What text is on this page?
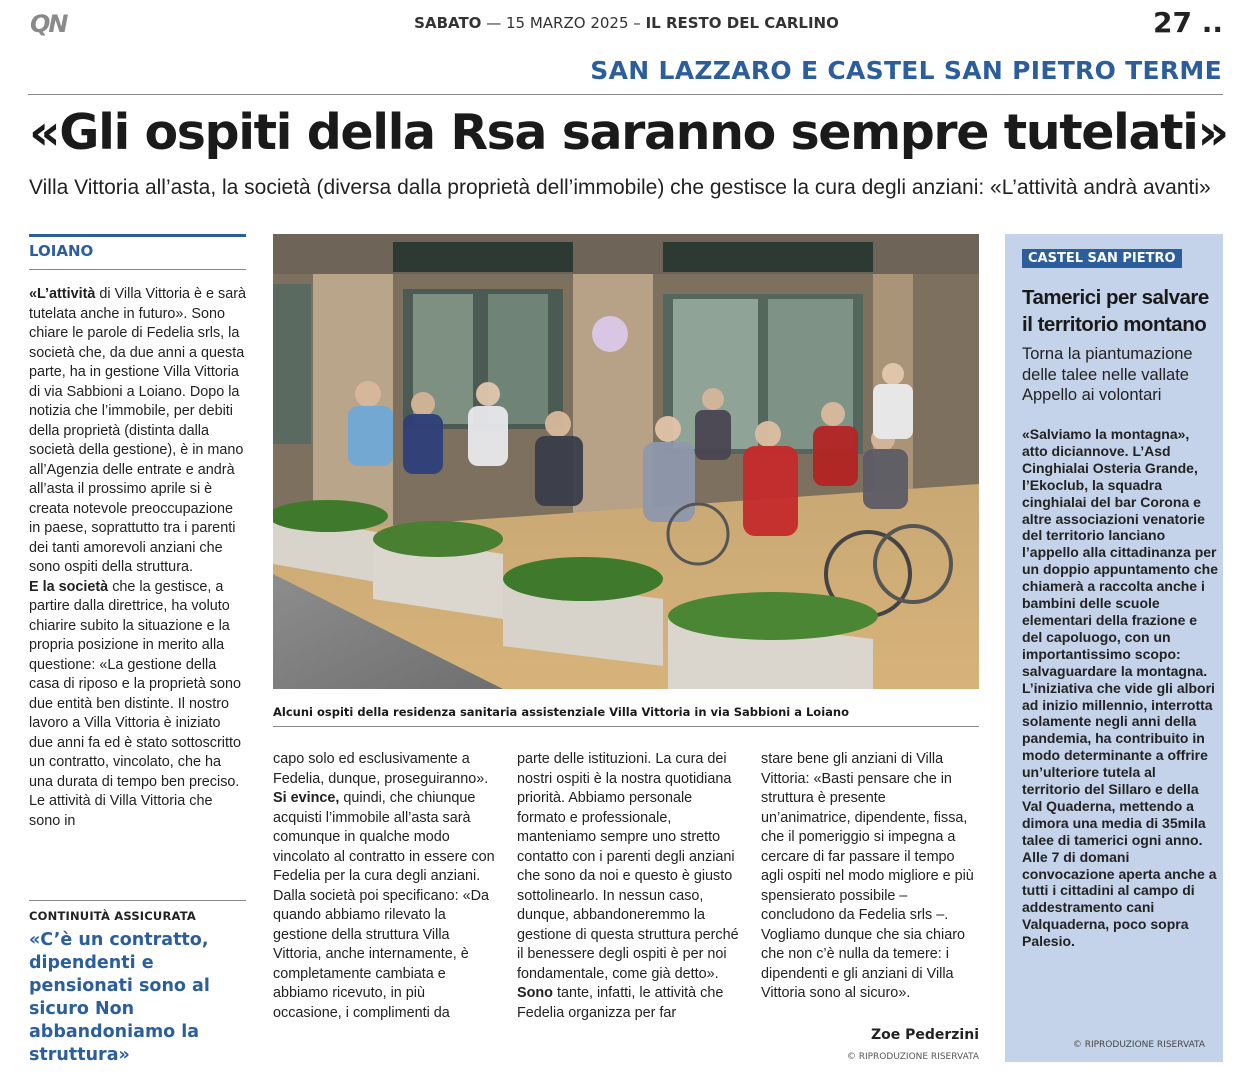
QN	SABATO — 15 MARZO 2025 – IL RESTO DEL CARLINO	27 ..
SAN LAZZARO E CASTEL SAN PIETRO TERME
«Gli ospiti della Rsa saranno sempre tutelati»
Villa Vittoria all’asta, la società (diversa dalla proprietà dell’immobile) che gestisce la cura degli anziani: «L’attività andrà avanti»
LOIANO

«L’attività di Villa Vittoria è e sarà tutelata anche in futuro». Sono chiare le parole di Fedelia srls, la società che, da due anni a questa parte, ha in gestione Villa Vittoria di via Sabbioni a Loiano. Dopo la notizia che l’immobile, per debiti della proprietà (distinta dalla società della gestione), è in mano all’Agenzia delle entrate e andrà all’asta il prossimo aprile si è creata notevole preoccupazione in paese, soprattutto tra i parenti dei tanti amorevoli anziani che sono ospiti della struttura.

E la società che la gestisce, a partire dalla direttrice, ha voluto chiarire subito la situazione e la propria posizione in merito alla questione: «La gestione della casa di riposo e la proprietà sono due entità ben distinte. Il nostro lavoro a Villa Vittoria è iniziato due anni fa ed è stato sottoscritto un contratto, vincolato, che ha una durata di tempo ben preciso. Le attività di Villa Vittoria che sono in

CONTINUITÀ ASSICURATA
«C’è un contratto, dipendenti e pensionati sono al sicuro Non abbandoniamo la struttura»
Alcuni ospiti della residenza sanitaria assistenziale Villa Vittoria in via Sabbioni a Loiano

capo solo ed esclusivamente a Fedelia, dunque, proseguiranno».

Si evince, quindi, che chiunque acquisti l’immobile all’asta sarà comunque in qualche modo vincolato al contratto in essere con Fedelia per la cura degli anziani. Dalla società poi specificano: «Da quando abbiamo rilevato la gestione della struttura Villa Vittoria, anche internamente, è completamente cambiata e abbiamo ricevuto, in più occasione, i complimenti da

parte delle istituzioni. La cura dei nostri ospiti è la nostra quotidiana priorità. Abbiamo personale formato e professionale, manteniamo sempre uno stretto contatto con i parenti degli anziani che sono da noi e questo è giusto sottolinearlo. In nessun caso, dunque, abbandoneremmo la gestione di questa struttura perché il benessere degli ospiti è per noi fondamentale, come già detto».

Sono tante, infatti, le attività che Fedelia organizza per far

stare bene gli anziani di Villa Vittoria: «Basti pensare che in struttura è presente un’animatrice, dipendente, fissa, che il pomeriggio si impegna a cercare di far passare il tempo agli ospiti nel modo migliore e più spensierato possibile – concludono da Fedelia srls –. Vogliamo dunque che sia chiaro che non c’è nulla da temere: i dipendenti e gli anziani di Villa Vittoria sono al sicuro».

Zoe Pederzini
© RIPRODUZIONE RISERVATA
CASTEL SAN PIETRO
Tamerici per salvare il territorio montano
Torna la piantumazione delle talee nelle vallate Appello ai volontari
«Salviamo la montagna», atto diciannove. L’Asd Cinghialai Osteria Grande, l’Ekoclub, la squadra cinghialai del bar Corona e altre associazioni venatorie del territorio lanciano l’appello alla cittadinanza per un doppio appuntamento che chiamerà a raccolta anche i bambini delle scuole elementari della frazione e del capoluogo, con un importantissimo scopo: salvaguardare la montagna. L’iniziativa che vide gli albori ad inizio millennio, interrotta solamente negli anni della pandemia, ha contribuito in modo determinante a offrire un’ulteriore tutela al territorio del Sillaro e della Val Quaderna, mettendo a dimora una media di 35mila talee di tamerici ogni anno. Alle 7 di domani convocazione aperta anche a tutti i cittadini al campo di addestramento cani Valquaderna, poco sopra Palesio.
© RIPRODUZIONE RISERVATA
